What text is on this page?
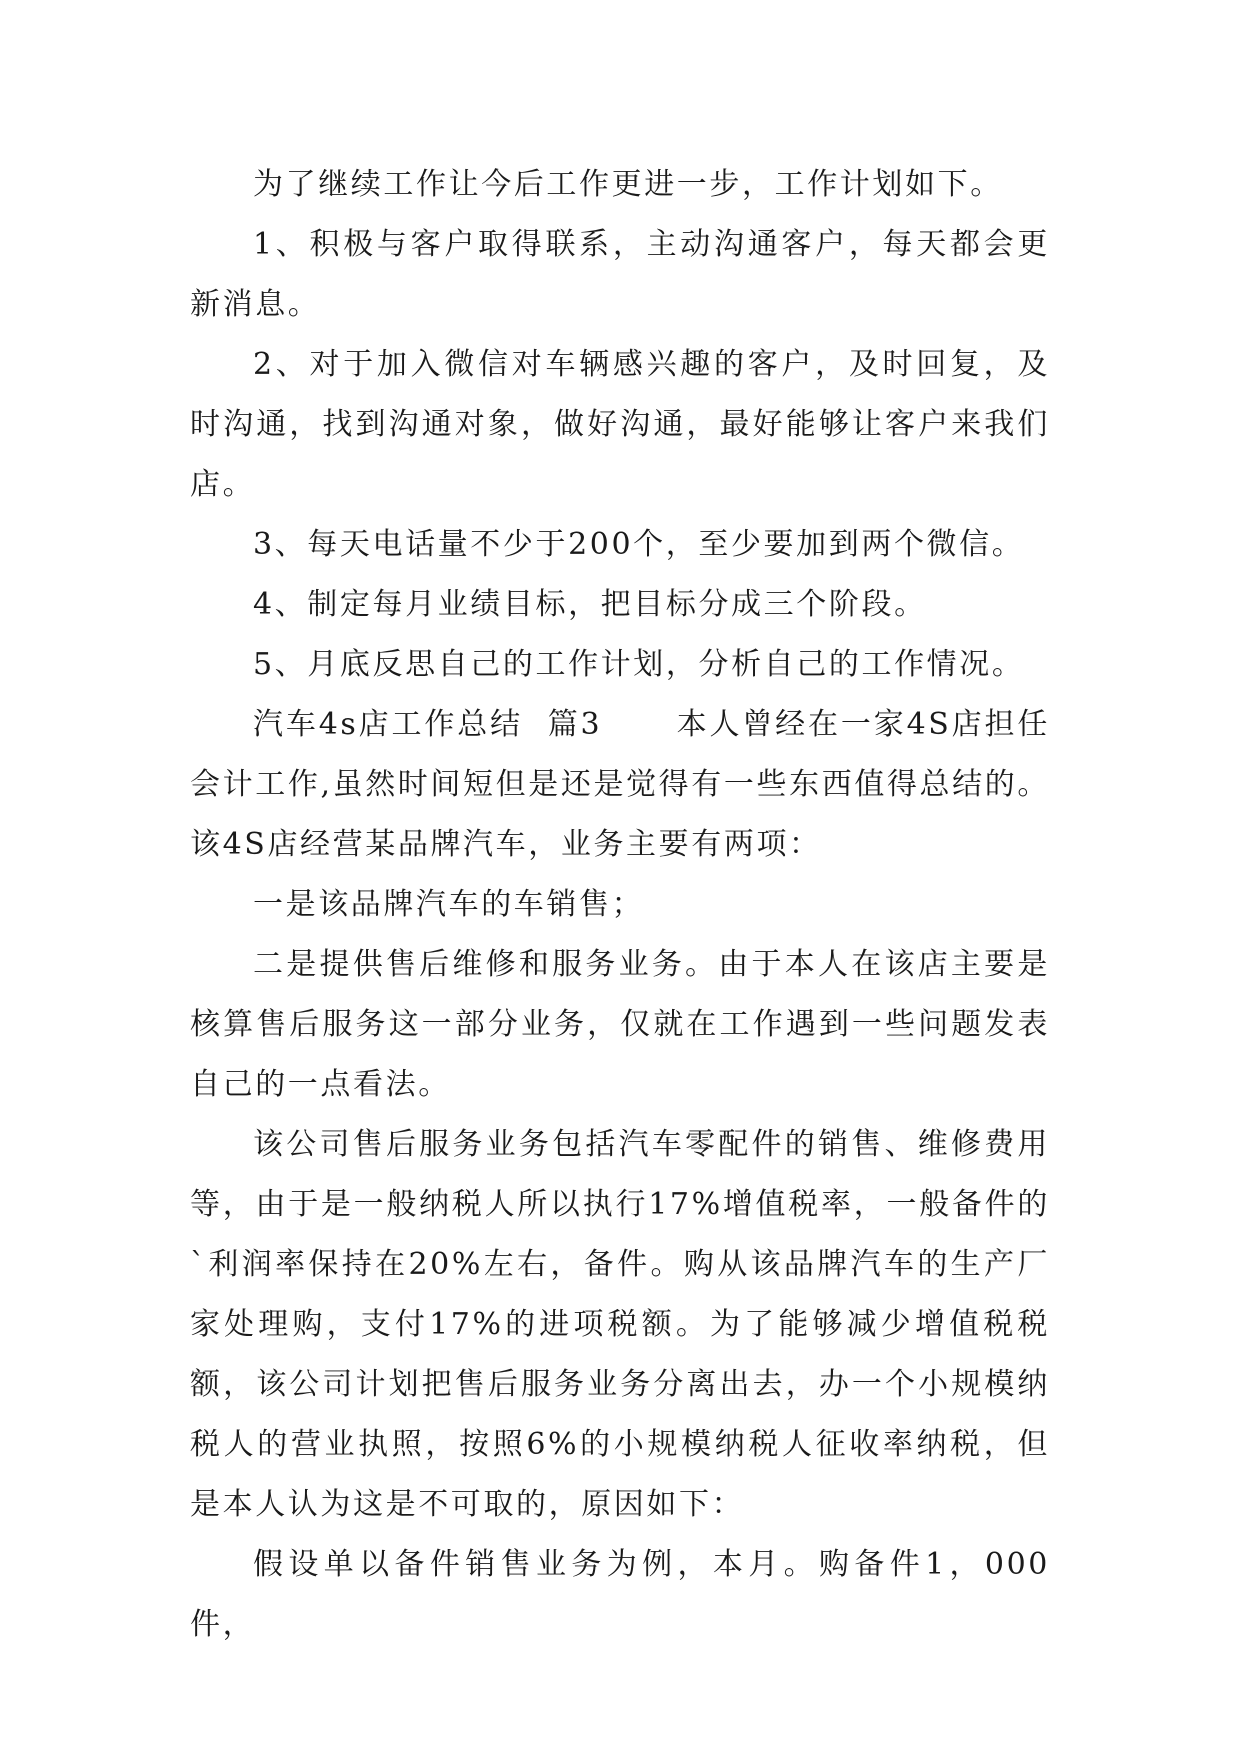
为了继续工作让今后工作更进一步，工作计划如下。

1、积极与客户取得联系，主动沟通客户，每天都会更新消息。

2、对于加入微信对车辆感兴趣的客户，及时回复，及时沟通，找到沟通对象，做好沟通，最好能够让客户来我们店。

3、每天电话量不少于200个，至少要加到两个微信。

4、制定每月业绩目标，把目标分成三个阶段。

5、月底反思自己的工作计划，分析自己的工作情况。

汽车4s店工作总结  篇3      本人曾经在一家4S店担任会计工作,虽然时间短但是还是觉得有一些东西值得总结的。该4S店经营某品牌汽车，业务主要有两项：

一是该品牌汽车的车销售；

二是提供售后维修和服务业务。由于本人在该店主要是核算售后服务这一部分业务，仅就在工作遇到一些问题发表自己的一点看法。

该公司售后服务业务包括汽车零配件的销售、维修费用等，由于是一般纳税人所以执行17%增值税率，一般备件的`利润率保持在20%左右，备件。购从该品牌汽车的生产厂家处理购，支付17%的进项税额。为了能够减少增值税税额，该公司计划把售后服务业务分离出去，办一个小规模纳税人的营业执照，按照6%的小规模纳税人征收率纳税，但是本人认为这是不可取的，原因如下：

假设单以备件销售业务为例，本月。购备件1，000件，
